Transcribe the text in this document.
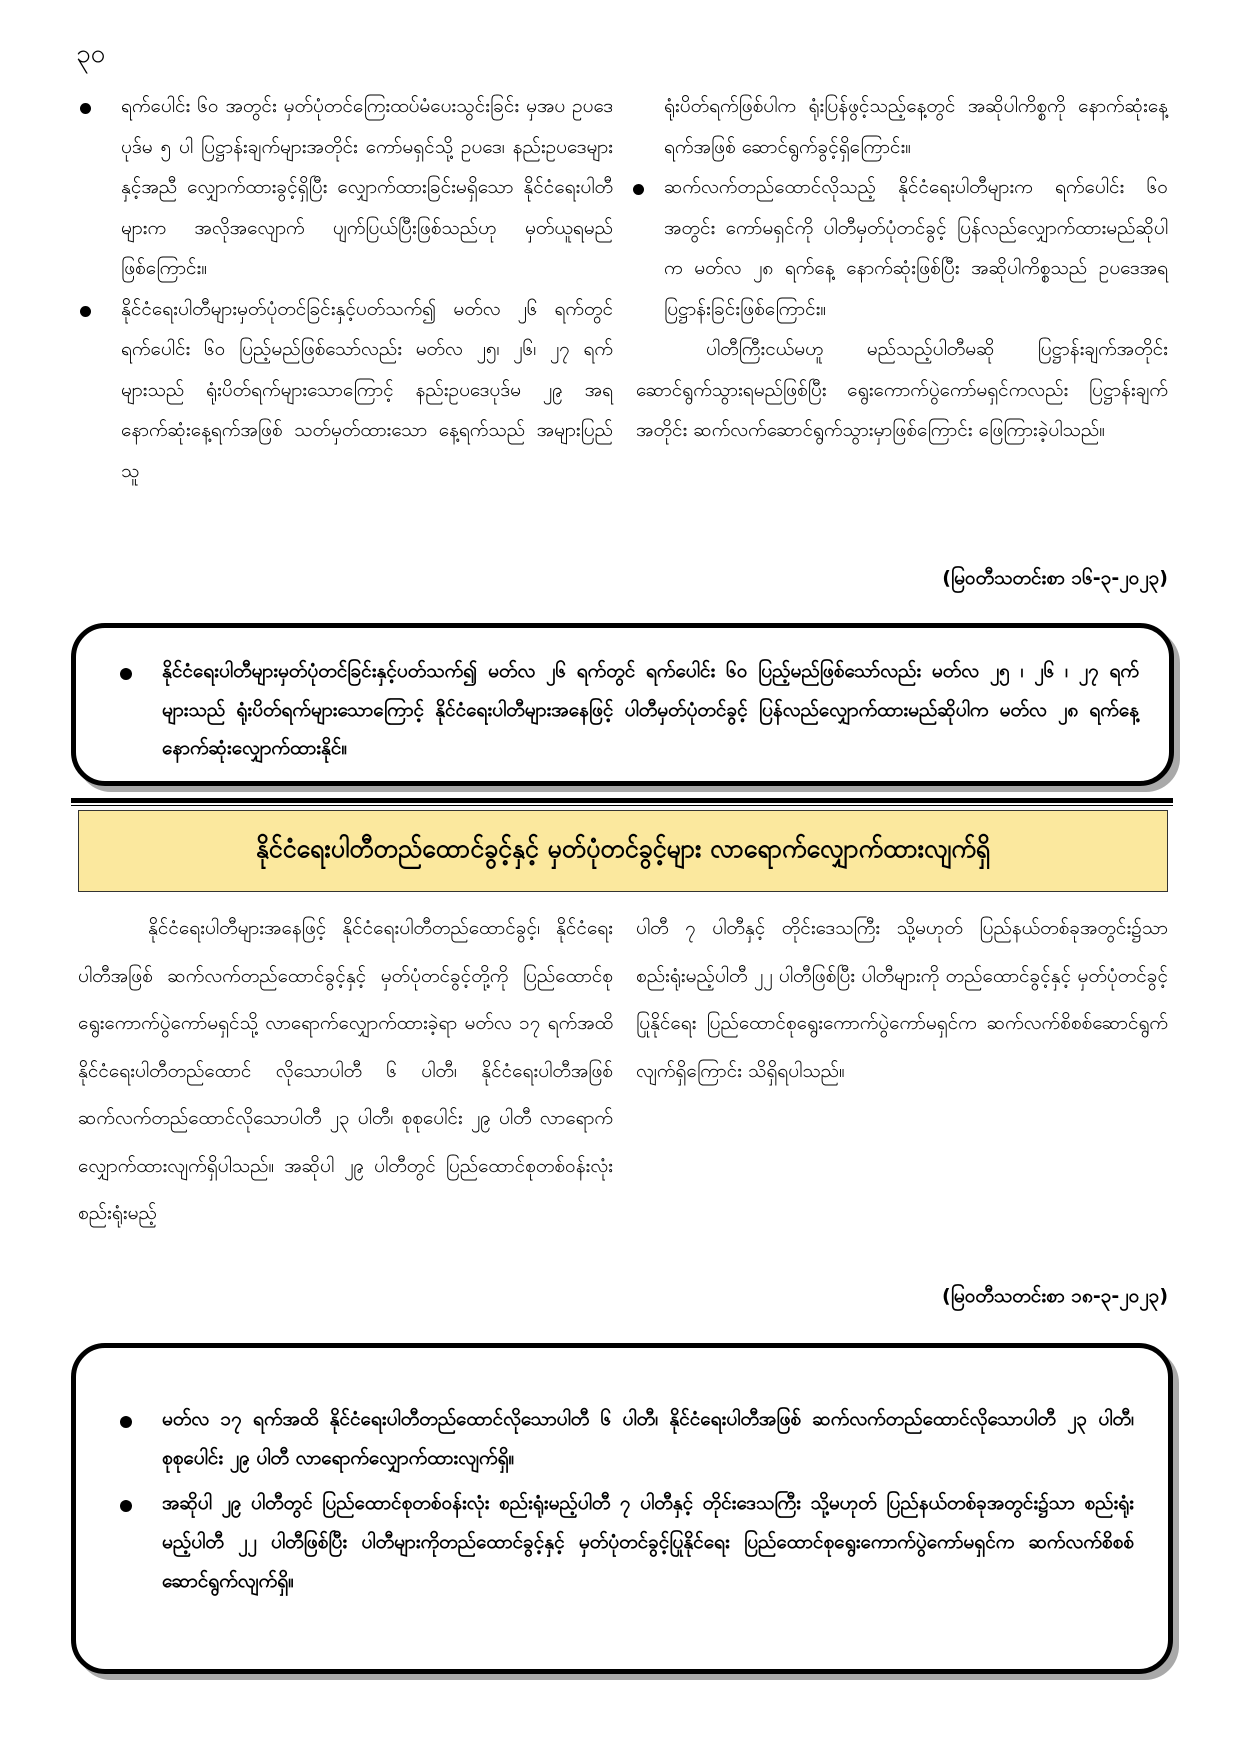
၃၀

ရက်ပေါင်း ၆၀ အတွင်း မှတ်ပုံတင်ကြေးထပ်မံပေးသွင်းခြင်း မှအပ ဥပဒေပုဒ်မ ၅ ပါ ပြဋ္ဌာန်းချက်များအတိုင်း ကော်မရှင်သို့ ဥပဒေ၊ နည်းဥပဒေများနှင့်အညီ လျှောက်ထားခွင့်ရှိပြီး လျှောက်ထားခြင်းမရှိသော နိုင်ငံရေးပါတီများက အလိုအလျောက် ပျက်ပြယ်ပြီးဖြစ်သည်ဟု မှတ်ယူရမည်ဖြစ်ကြောင်း။

နိုင်ငံရေးပါတီများမှတ်ပုံတင်ခြင်းနှင့်ပတ်သက်၍ မတ်လ ၂၆ ရက်တွင် ရက်ပေါင်း ၆၀ ပြည့်မည်ဖြစ်သော်လည်း မတ်လ ၂၅၊ ၂၆၊ ၂၇ ရက်များသည် ရုံးပိတ်ရက်များသောကြောင့် နည်းဥပဒေပုဒ်မ ၂၉ အရ နောက်ဆုံးနေ့ရက်အဖြစ် သတ်မှတ်ထားသော နေ့ရက်သည် အများပြည်သူ

ရုံးပိတ်ရက်ဖြစ်ပါက ရုံးပြန်ဖွင့်သည့်နေ့တွင် အဆိုပါကိစ္စကို နောက်ဆုံးနေ့ရက်အဖြစ် ဆောင်ရွက်ခွင့်ရှိကြောင်း။

ဆက်လက်တည်ထောင်လိုသည့် နိုင်ငံရေးပါတီများက ရက်ပေါင်း ၆၀ အတွင်း ကော်မရှင်ကို ပါတီမှတ်ပုံတင်ခွင့် ပြန်လည်လျှောက်ထားမည်ဆိုပါက မတ်လ ၂၈ ရက်နေ့ နောက်ဆုံးဖြစ်ပြီး အဆိုပါကိစ္စသည် ဥပဒေအရပြဋ္ဌာန်းခြင်းဖြစ်ကြောင်း။

ပါတီကြီးငယ်မဟူ မည်သည့်ပါတီမဆို ပြဋ္ဌာန်းချက်အတိုင်း ဆောင်ရွက်သွားရမည်ဖြစ်ပြီး ရွေးကောက်ပွဲကော်မရှင်ကလည်း ပြဋ္ဌာန်းချက်အတိုင်း ဆက်လက်ဆောင်ရွက်သွားမှာဖြစ်ကြောင်း ဖြေကြားခဲ့ပါသည်။

(မြဝတီသတင်းစာ ၁၆-၃-၂၀၂၃)

နိုင်ငံရေးပါတီများမှတ်ပုံတင်ခြင်းနှင့်ပတ်သက်၍ မတ်လ ၂၆ ရက်တွင် ရက်ပေါင်း ၆၀ ပြည့်မည်ဖြစ်သော်လည်း မတ်လ ၂၅ ၊ ၂၆ ၊ ၂၇ ရက်များသည် ရုံးပိတ်ရက်များသောကြောင့် နိုင်ငံရေးပါတီများအနေဖြင့် ပါတီမှတ်ပုံတင်ခွင့် ပြန်လည်လျှောက်ထားမည်ဆိုပါက မတ်လ ၂၈ ရက်နေ့ နောက်ဆုံးလျှောက်ထားနိုင်။

နိုင်ငံရေးပါတီတည်ထောင်ခွင့်နှင့် မှတ်ပုံတင်ခွင့်များ လာရောက်လျှောက်ထားလျက်ရှိ

နိုင်ငံရေးပါတီများအနေဖြင့် နိုင်ငံရေးပါတီတည်ထောင်ခွင့်၊ နိုင်ငံရေးပါတီအဖြစ် ဆက်လက်တည်ထောင်ခွင့်နှင့် မှတ်ပုံတင်ခွင့်တို့ကို ပြည်ထောင်စုရွေးကောက်ပွဲကော်မရှင်သို့ လာရောက်လျှောက်ထားခဲ့ရာ မတ်လ ၁၇ ရက်အထိ နိုင်ငံရေးပါတီတည်ထောင် လိုသောပါတီ ၆ ပါတီ၊ နိုင်ငံရေးပါတီအဖြစ် ဆက်လက်တည်ထောင်လိုသောပါတီ ၂၃ ပါတီ၊ စုစုပေါင်း ၂၉ ပါတီ လာရောက်လျှောက်ထားလျက်ရှိပါသည်။ အဆိုပါ ၂၉ ပါတီတွင် ပြည်ထောင်စုတစ်ဝန်းလုံး စည်းရုံးမည့်

ပါတီ ၇ ပါတီနှင့် တိုင်းဒေသကြီး သို့မဟုတ် ပြည်နယ်တစ်ခုအတွင်း၌သာ စည်းရုံးမည့်ပါတီ ၂၂ ပါတီဖြစ်ပြီး ပါတီများကို တည်ထောင်ခွင့်နှင့် မှတ်ပုံတင်ခွင့်ပြုနိုင်ရေး ပြည်ထောင်စုရွေးကောက်ပွဲကော်မရှင်က ဆက်လက်စိစစ်ဆောင်ရွက်လျက်ရှိကြောင်း သိရှိရပါသည်။

(မြဝတီသတင်းစာ ၁၈-၃-၂၀၂၃)

မတ်လ ၁၇ ရက်အထိ နိုင်ငံရေးပါတီတည်ထောင်လိုသောပါတီ ၆ ပါတီ၊ နိုင်ငံရေးပါတီအဖြစ် ဆက်လက်တည်ထောင်လိုသောပါတီ ၂၃ ပါတီ၊ စုစုပေါင်း ၂၉ ပါတီ လာရောက်လျှောက်ထားလျက်ရှိ။

အဆိုပါ ၂၉ ပါတီတွင် ပြည်ထောင်စုတစ်ဝန်းလုံး စည်းရုံးမည့်ပါတီ ၇ ပါတီနှင့် တိုင်းဒေသကြီး သို့မဟုတ် ပြည်နယ်တစ်ခုအတွင်း၌သာ စည်းရုံးမည့်ပါတီ ၂၂ ပါတီဖြစ်ပြီး ပါတီများကိုတည်ထောင်ခွင့်နှင့် မှတ်ပုံတင်ခွင့်ပြုနိုင်ရေး ပြည်ထောင်စုရွေးကောက်ပွဲကော်မရှင်က ဆက်လက်စိစစ်ဆောင်ရွက်လျက်ရှိ။
